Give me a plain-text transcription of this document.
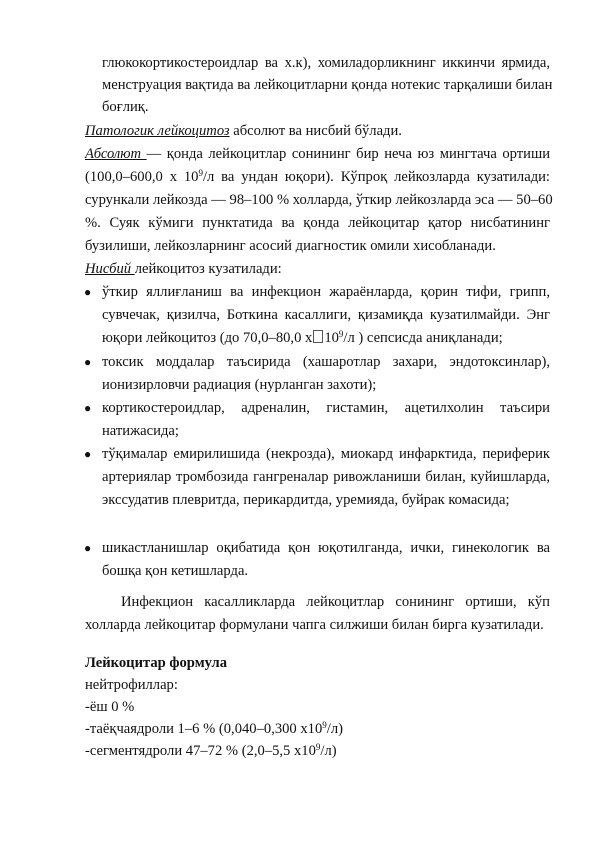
глюкокортикостероидлар ва х.к), хомиладорликнинг иккинчи ярмида,
менструация вақтида ва лейкоцитларни қонда нотекис тарқалиши билан
боғлиқ.
Патологик лейкоцитоз абсолют ва нисбий бўлади.
Абсолют — қонда лейкоцитлар сонининг бир неча юз мингтача ортиши
(100,0–600,0 х $10^9/л$ ва ундан юқори). Кўпроқ лейкозларда кузатилади:
сурункали лейкозда — 98–100 % холларда, ўткир лейкозларда эса — 50–60
%. Суяк кўмиги пунктатида ва қонда лейкоцитар қатор нисбатининг
бузилиши, лейкозларнинг асосий диагностик омили хисобланади.
Нисбий лейкоцитоз кузатилади:
● ўткир яллиғланиш ва инфекцион жараёнларда, қорин тифи, грипп,
сувчечак, қизилча, Боткина касаллиги, қизамиқда кузатилмайди. Энг
юқори лейкоцитоз (до 70,0–80,0 х $10^9/л$ ) сепсисда аниқланади;
● токсик моддалар таъсирида (хашаротлар захари, эндотоксинлар),
ионизирловчи радиация (нурланган захоти);
● кортикостероидлар, адреналин, гистамин, ацетилхолин таъсири
натижасида;
● тўқималар емирилишида (некрозда), миокард инфарктида, периферик
артериялар тромбозида гангреналар ривожланиши билан, куйишларда,
экссудатив плевритда, перикардитда, уремияда, буйрак комасида;
● шикастланишлар оқибатида қон юқотилганда, ички, гинекологик ва
бошқа қон кетишларда.
Инфекцион касалликларда лейкоцитлар сонининг ортиши, кўп
холларда лейкоцитар формулани чапга силжиши билан бирга кузатилади.
Лейкоцитар формула
нейтрофиллар:
-ёш 0 %
-таёқчаядроли 1–6 % (0,040–0,300 $х10^9/л$)
-сегментядроли 47–72 % (2,0–5,5 $х10^9/л$)
